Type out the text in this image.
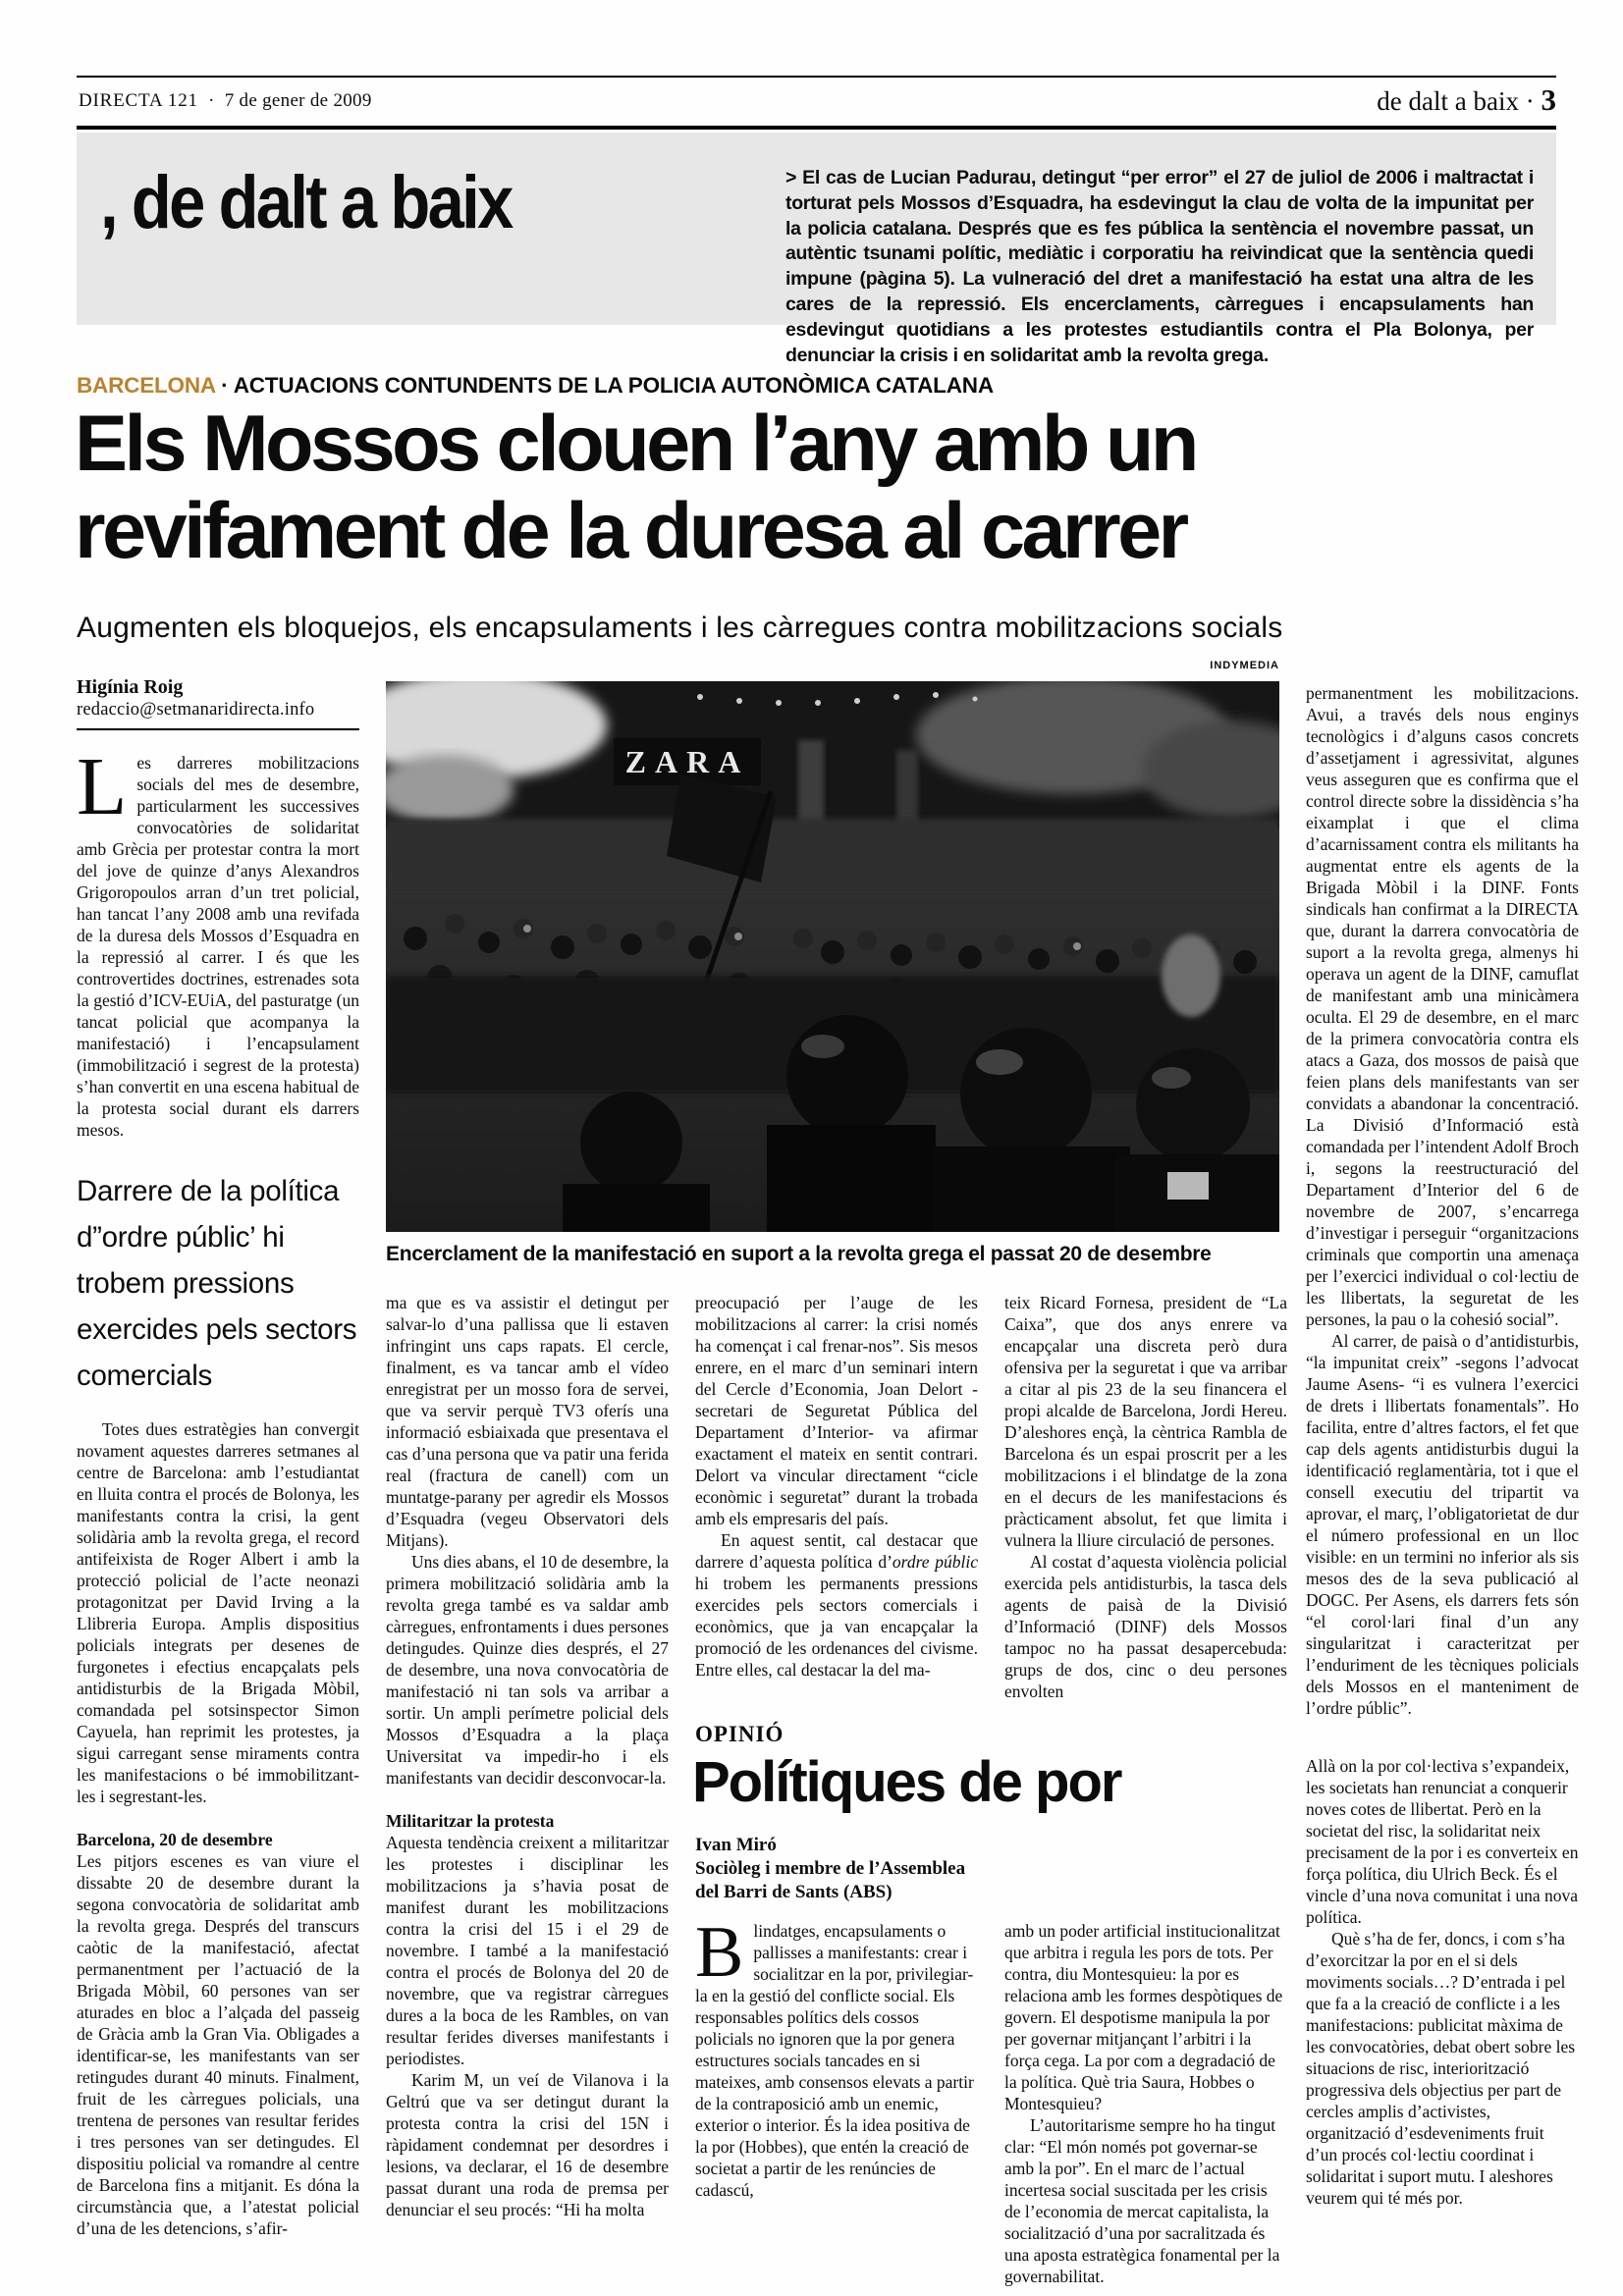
DIRECTA 121 · 7 de gener de 2009	de dalt a baix · 3
, de dalt a baix	> El cas de Lucian Padurau, detingut “per error” el 27 de juliol de 2006 i maltractat i torturat pels Mossos d’Esquadra, ha esdevingut la clau de volta de la impunitat per la policia catalana. Després que es fes pública la sentència el novembre passat, un autèntic tsunami polític, mediàtic i corporatiu ha reivindicat que la sentència quedi impune (pàgina 5). La vulneració del dret a manifestació ha estat una altra de les cares de la repressió. Els encerclaments, càrregues i encapsulaments han esdevingut quotidians a les protestes estudiantils contra el Pla Bolonya, per denunciar la crisis i en solidaritat amb la revolta grega.
BARCELONA · ACTUACIONS CONTUNDENTS DE LA POLICIA AUTONÒMICA CATALANA
Els Mossos clouen l’any amb un revifament de la duresa al carrer
Augmenten els bloquejos, els encapsulaments i les càrregues contra mobilitzacions socials
Higínia Roig
redaccio@setmanaridirecta.info
INDYMEDIA
ZARA
Encerclament de la manifestació en suport a la revolta grega el passat 20 de desembre

Les darreres mobilitzacions socials del mes de desembre, particularment les successives convocatòries de solidaritat amb Grècia per protestar contra la mort del jove de quinze d’anys Alexandros Grigoropoulos arran d’un tret policial, han tancat l’any 2008 amb una revifada de la duresa dels Mossos d’Esquadra en la repressió al carrer. I és que les controvertides doctrines, estrenades sota la gestió d’ICV-EUiA, del pasturatge (un tancat policial que acompanya la manifestació) i l’encapsulament (immobilització i segrest de la protesta) s’han convertit en una escena habitual de la protesta social durant els darrers mesos.

Darrere de la política d”ordre públic’ hi trobem pressions exercides pels sectors comercials

Totes dues estratègies han convergit novament aquestes darreres setmanes al centre de Barcelona: amb l’estudiantat en lluita contra el procés de Bolonya, les manifestants contra la crisi, la gent solidària amb la revolta grega, el record antifeixista de Roger Albert i amb la protecció policial de l’acte neonazi protagonitzat per David Irving a la Llibreria Europa. Amplis dispositius policials integrats per desenes de furgonetes i efectius encapçalats pels antidisturbis de la Brigada Mòbil, comandada pel sotsinspector Simon Cayuela, han reprimit les protestes, ja sigui carregant sense miraments contra les manifestacions o bé immobilitzant-les i segrestant-les.

Barcelona, 20 de desembre

Les pitjors escenes es van viure el dissabte 20 de desembre durant la segona convocatòria de solidaritat amb la revolta grega. Després del transcurs caòtic de la manifestació, afectat permanentment per l’actuació de la Brigada Mòbil, 60 persones van ser aturades en bloc a l’alçada del passeig de Gràcia amb la Gran Via. Obligades a identificar-se, les manifestants van ser retingudes durant 40 minuts. Finalment, fruit de les càrregues policials, una trentena de persones van resultar ferides i tres persones van ser detingudes. El dispositiu policial va romandre al centre de Barcelona fins a mitjanit. Es dóna la circumstància que, a l’atestat policial d’una de les detencions, s’afir-

ma que es va assistir el detingut per salvar-lo d’una pallissa que li estaven infringint uns caps rapats. El cercle, finalment, es va tancar amb el vídeo enregistrat per un mosso fora de servei, que va servir perquè TV3 oferís una informació esbiaixada que presentava el cas d’una persona que va patir una ferida real (fractura de canell) com un muntatge-parany per agredir els Mossos d’Esquadra (vegeu Observatori dels Mitjans).

Uns dies abans, el 10 de desembre, la primera mobilització solidària amb la revolta grega també es va saldar amb càrregues, enfrontaments i dues persones detingudes. Quinze dies després, el 27 de desembre, una nova convocatòria de manifestació ni tan sols va arribar a sortir. Un ampli perímetre policial dels Mossos d’Esquadra a la plaça Universitat va impedir-ho i els manifestants van decidir desconvocar-la.

Militaritzar la protesta

Aquesta tendència creixent a militaritzar les protestes i disciplinar les mobilitzacions ja s’havia posat de manifest durant les mobilitzacions contra la crisi del 15 i el 29 de novembre. I també a la manifestació contra el procés de Bolonya del 20 de novembre, que va registrar càrregues dures a la boca de les Rambles, on van resultar ferides diverses manifestants i periodistes.

Karim M, un veí de Vilanova i la Geltrú que va ser detingut durant la protesta contra la crisi del 15N i ràpidament condemnat per desordres i lesions, va declarar, el 16 de desembre passat durant una roda de premsa per denunciar el seu procés: “Hi ha molta

preocupació per l’auge de les mobilitzacions al carrer: la crisi només ha començat i cal frenar-nos”. Sis mesos enrere, en el marc d’un seminari intern del Cercle d’Economia, Joan Delort -secretari de Seguretat Pública del Departament d’Interior- va afirmar exactament el mateix en sentit contrari. Delort va vincular directament “cicle econòmic i seguretat” durant la trobada amb els empresaris del país.

En aquest sentit, cal destacar que darrere d’aquesta política d’ordre públic hi trobem les permanents pressions exercides pels sectors comercials i econòmics, que ja van encapçalar la promoció de les ordenances del civisme. Entre elles, cal destacar la del ma-

teix Ricard Fornesa, president de “La Caixa”, que dos anys enrere va encapçalar una discreta però dura ofensiva per la seguretat i que va arribar a citar al pis 23 de la seu financera el propi alcalde de Barcelona, Jordi Hereu. D’aleshores ençà, la cèntrica Rambla de Barcelona és un espai proscrit per a les mobilitzacions i el blindatge de la zona en el decurs de les manifestacions és pràcticament absolut, fet que limita i vulnera la lliure circulació de persones.

Al costat d’aquesta violència policial exercida pels antidisturbis, la tasca dels agents de paisà de la Divisió d’Informació (DINF) dels Mossos tampoc no ha passat desapercebuda: grups de dos, cinc o deu persones envolten

permanentment les mobilitzacions. Avui, a través dels nous enginys tecnològics i d’alguns casos concrets d’assetjament i agressivitat, algunes veus asseguren que es confirma que el control directe sobre la dissidència s’ha eixamplat i que el clima d’acarnissament contra els militants ha augmentat entre els agents de la Brigada Mòbil i la DINF. Fonts sindicals han confirmat a la DIRECTA que, durant la darrera convocatòria de suport a la revolta grega, almenys hi operava un agent de la DINF, camuflat de manifestant amb una minicàmera oculta. El 29 de desembre, en el marc de la primera convocatòria contra els atacs a Gaza, dos mossos de paisà que feien plans dels manifestants van ser convidats a abandonar la concentració. La Divisió d’Informació està comandada per l’intendent Adolf Broch i, segons la reestructuració del Departament d’Interior del 6 de novembre de 2007, s’encarrega d’investigar i perseguir “organitzacions criminals que comportin una amenaça per l’exercici individual o col·lectiu de les llibertats, la seguretat de les persones, la pau o la cohesió social”.

Al carrer, de paisà o d’antidisturbis, “la impunitat creix” -segons l’advocat Jaume Asens- “i es vulnera l’exercici de drets i llibertats fonamentals”. Ho facilita, entre d’altres factors, el fet que cap dels agents antidisturbis dugui la identificació reglamentària, tot i que el consell executiu del tripartit va aprovar, el març, l’obligatorietat de dur el número professional en un lloc visible: en un termini no inferior als sis mesos des de la seva publicació al DOGC. Per Asens, els darrers fets són “el corol·lari final d’un any singularitzat i caracteritzat per l’enduriment de les tècniques policials dels Mossos en el manteniment de l’ordre públic”.

OPINIÓ
Polítiques de por
Ivan Miró
Sociòleg i membre de l’Assemblea del Barri de Sants (ABS)

Blindatges, encapsulaments o pallisses a manifestants: crear i socialitzar en la por, privilegiar-la en la gestió del conflicte social. Els responsables polítics dels cossos policials no ignoren que la por genera estructures socials tancades en si mateixes, amb consensos elevats a partir de la contraposició amb un enemic, exterior o interior. És la idea positiva de la por (Hobbes), que entén la creació de societat a partir de les renúncies de cadascú,

amb un poder artificial institucionalitzat que arbitra i regula les pors de tots. Per contra, diu Montesquieu: la por es relaciona amb les formes despòtiques de govern. El despotisme manipula la por per governar mitjançant l’arbitri i la força cega. La por com a degradació de la política. Què tria Saura, Hobbes o Montesquieu?

L’autoritarisme sempre ho ha tingut clar: “El món només pot governar-se amb la por”. En el marc de l’actual incertesa social suscitada per les crisis de l’economia de mercat capitalista, la socialització d’una por sacralitzada és una aposta estratègica fonamental per la governabilitat.

Allà on la por col·lectiva s’expandeix, les societats han renunciat a conquerir noves cotes de llibertat. Però en la societat del risc, la solidaritat neix precisament de la por i es converteix en força política, diu Ulrich Beck. És el vincle d’una nova comunitat i una nova política.

Què s’ha de fer, doncs, i com s’ha d’exorcitzar la por en el si dels moviments socials…? D’entrada i pel que fa a la creació de conflicte i a les manifestacions: publicitat màxima de les convocatòries, debat obert sobre les situacions de risc, interiorització progressiva dels objectius per part de cercles amplis d’activistes, organització d’esdeveniments fruit d’un procés col·lectiu coordinat i solidaritat i suport mutu. I aleshores veurem qui té més por.
